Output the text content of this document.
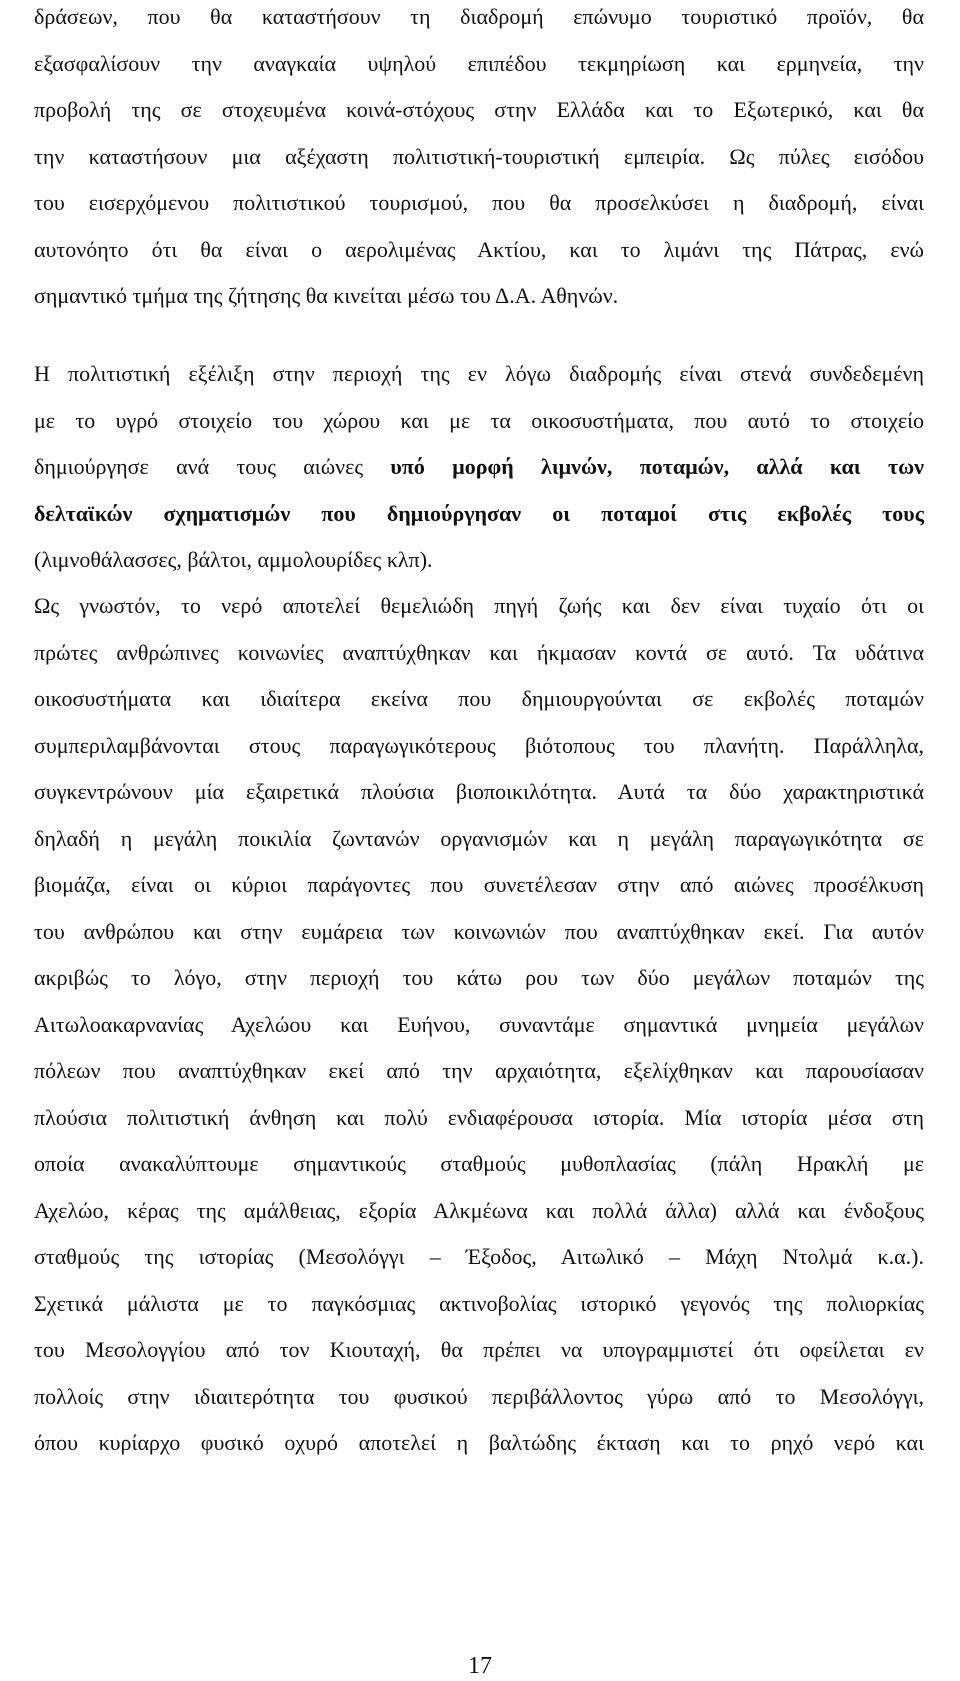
δράσεων, που θα καταστήσουν τη διαδρομή επώνυμο τουριστικό προϊόν, θα
εξασφαλίσουν την αναγκαία υψηλού επιπέδου τεκμηρίωση και ερμηνεία, την
προβολή της σε στοχευμένα κοινά-στόχους στην Ελλάδα και το Εξωτερικό, και θα
την καταστήσουν μια αξέχαστη πολιτιστική-τουριστική εμπειρία. Ως πύλες εισόδου
του εισερχόμενου πολιτιστικού τουρισμού, που θα προσελκύσει η διαδρομή, είναι
αυτονόητο ότι θα είναι ο αερολιμένας Ακτίου, και το λιμάνι της Πάτρας, ενώ
σημαντικό τμήμα της ζήτησης θα κινείται μέσω του Δ.Α. Αθηνών.
Η πολιτιστική εξέλιξη στην περιοχή της εν λόγω διαδρομής είναι στενά συνδεδεμένη
με το υγρό στοιχείο του χώρου και με τα οικοσυστήματα, που αυτό το στοιχείο
δημιούργησε ανά τους αιώνες υπό μορφή λιμνών, ποταμών, αλλά και των
δελταϊκών σχηματισμών που δημιούργησαν οι ποταμοί στις εκβολές τους
(λιμνοθάλασσες, βάλτοι, αμμολουρίδες κλπ).
Ως γνωστόν, το νερό αποτελεί θεμελιώδη πηγή ζωής και δεν είναι τυχαίο ότι οι
πρώτες ανθρώπινες κοινωνίες αναπτύχθηκαν και ήκμασαν κοντά σε αυτό. Τα υδάτινα
οικοσυστήματα και ιδιαίτερα εκείνα που δημιουργούνται σε εκβολές ποταμών
συμπεριλαμβάνονται στους παραγωγικότερους βιότοπους του πλανήτη. Παράλληλα,
συγκεντρώνουν μία εξαιρετικά πλούσια βιοποικιλότητα. Αυτά τα δύο χαρακτηριστικά
δηλαδή η μεγάλη ποικιλία ζωντανών οργανισμών και η μεγάλη παραγωγικότητα σε
βιομάζα, είναι οι κύριοι παράγοντες που συνετέλεσαν στην από αιώνες προσέλκυση
του ανθρώπου και στην ευμάρεια των κοινωνιών που αναπτύχθηκαν εκεί. Για αυτόν
ακριβώς το λόγο, στην περιοχή του κάτω ρου των δύο μεγάλων ποταμών της
Αιτωλοακαρνανίας Αχελώου και Ευήνου, συναντάμε σημαντικά μνημεία μεγάλων
πόλεων που αναπτύχθηκαν εκεί από την αρχαιότητα, εξελίχθηκαν και παρουσίασαν
πλούσια πολιτιστική άνθηση και πολύ ενδιαφέρουσα ιστορία. Μία ιστορία μέσα στη
οποία ανακαλύπτουμε σημαντικούς σταθμούς μυθοπλασίας (πάλη Ηρακλή με
Αχελώο, κέρας της αμάλθειας, εξορία Αλκμέωνα και πολλά άλλα) αλλά και ένδοξους
σταθμούς της ιστορίας (Μεσολόγγι – Έξοδος, Αιτωλικό – Μάχη Ντολμά κ.α.).
Σχετικά μάλιστα με το παγκόσμιας ακτινοβολίας ιστορικό γεγονός της πολιορκίας
του Μεσολογγίου από τον Κιουταχή, θα πρέπει να υπογραμμιστεί ότι οφείλεται εν
πολλοίς στην ιδιαιτερότητα του φυσικού περιβάλλοντος γύρω από το Μεσολόγγι,
όπου κυρίαρχο φυσικό οχυρό αποτελεί η βαλτώδης έκταση και το ρηχό νερό και
17
